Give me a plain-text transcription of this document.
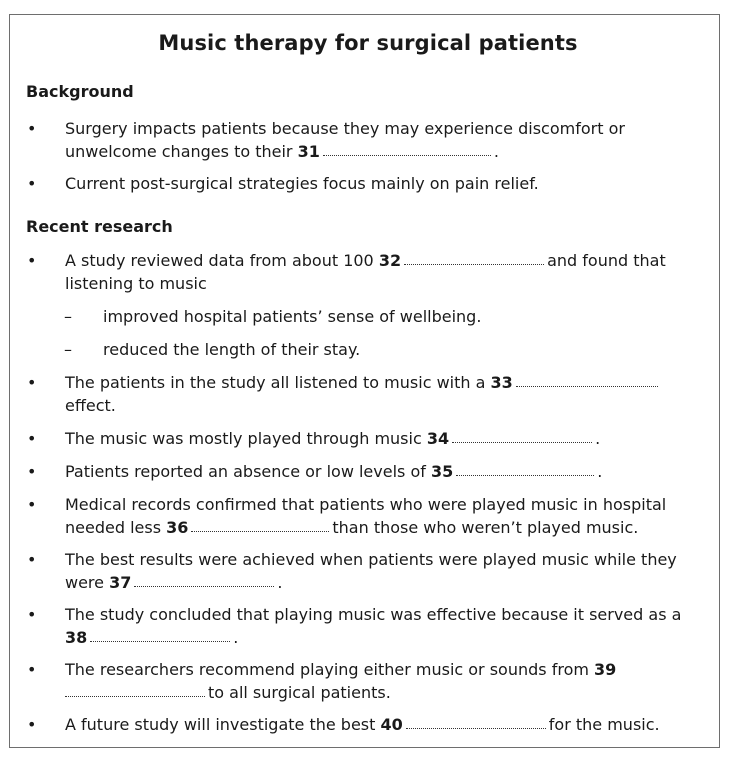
Music therapy for surgical patients
Background
• Surgery impacts patients because they may experience discomfort or
unwelcome changes to their 31	.
• Current post-surgical strategies focus mainly on pain relief.
Recent research
• A study reviewed data from about 100 32	and found that
listening to music
– improved hospital patients’ sense of wellbeing.
– reduced the length of their stay.
• The patients in the study all listened to music with a 33
effect.
• The music was mostly played through music 34	.
• Patients reported an absence or low levels of 35	.
• Medical records confirmed that patients who were played music in hospital
needed less 36	than those who weren’t played music.
• The best results were achieved when patients were played music while they
were 37	.
• The study concluded that playing music was effective because it served as a
38	.
• The researchers recommend playing either music or sounds from 39
to all surgical patients.
• A future study will investigate the best 40	for the music.
